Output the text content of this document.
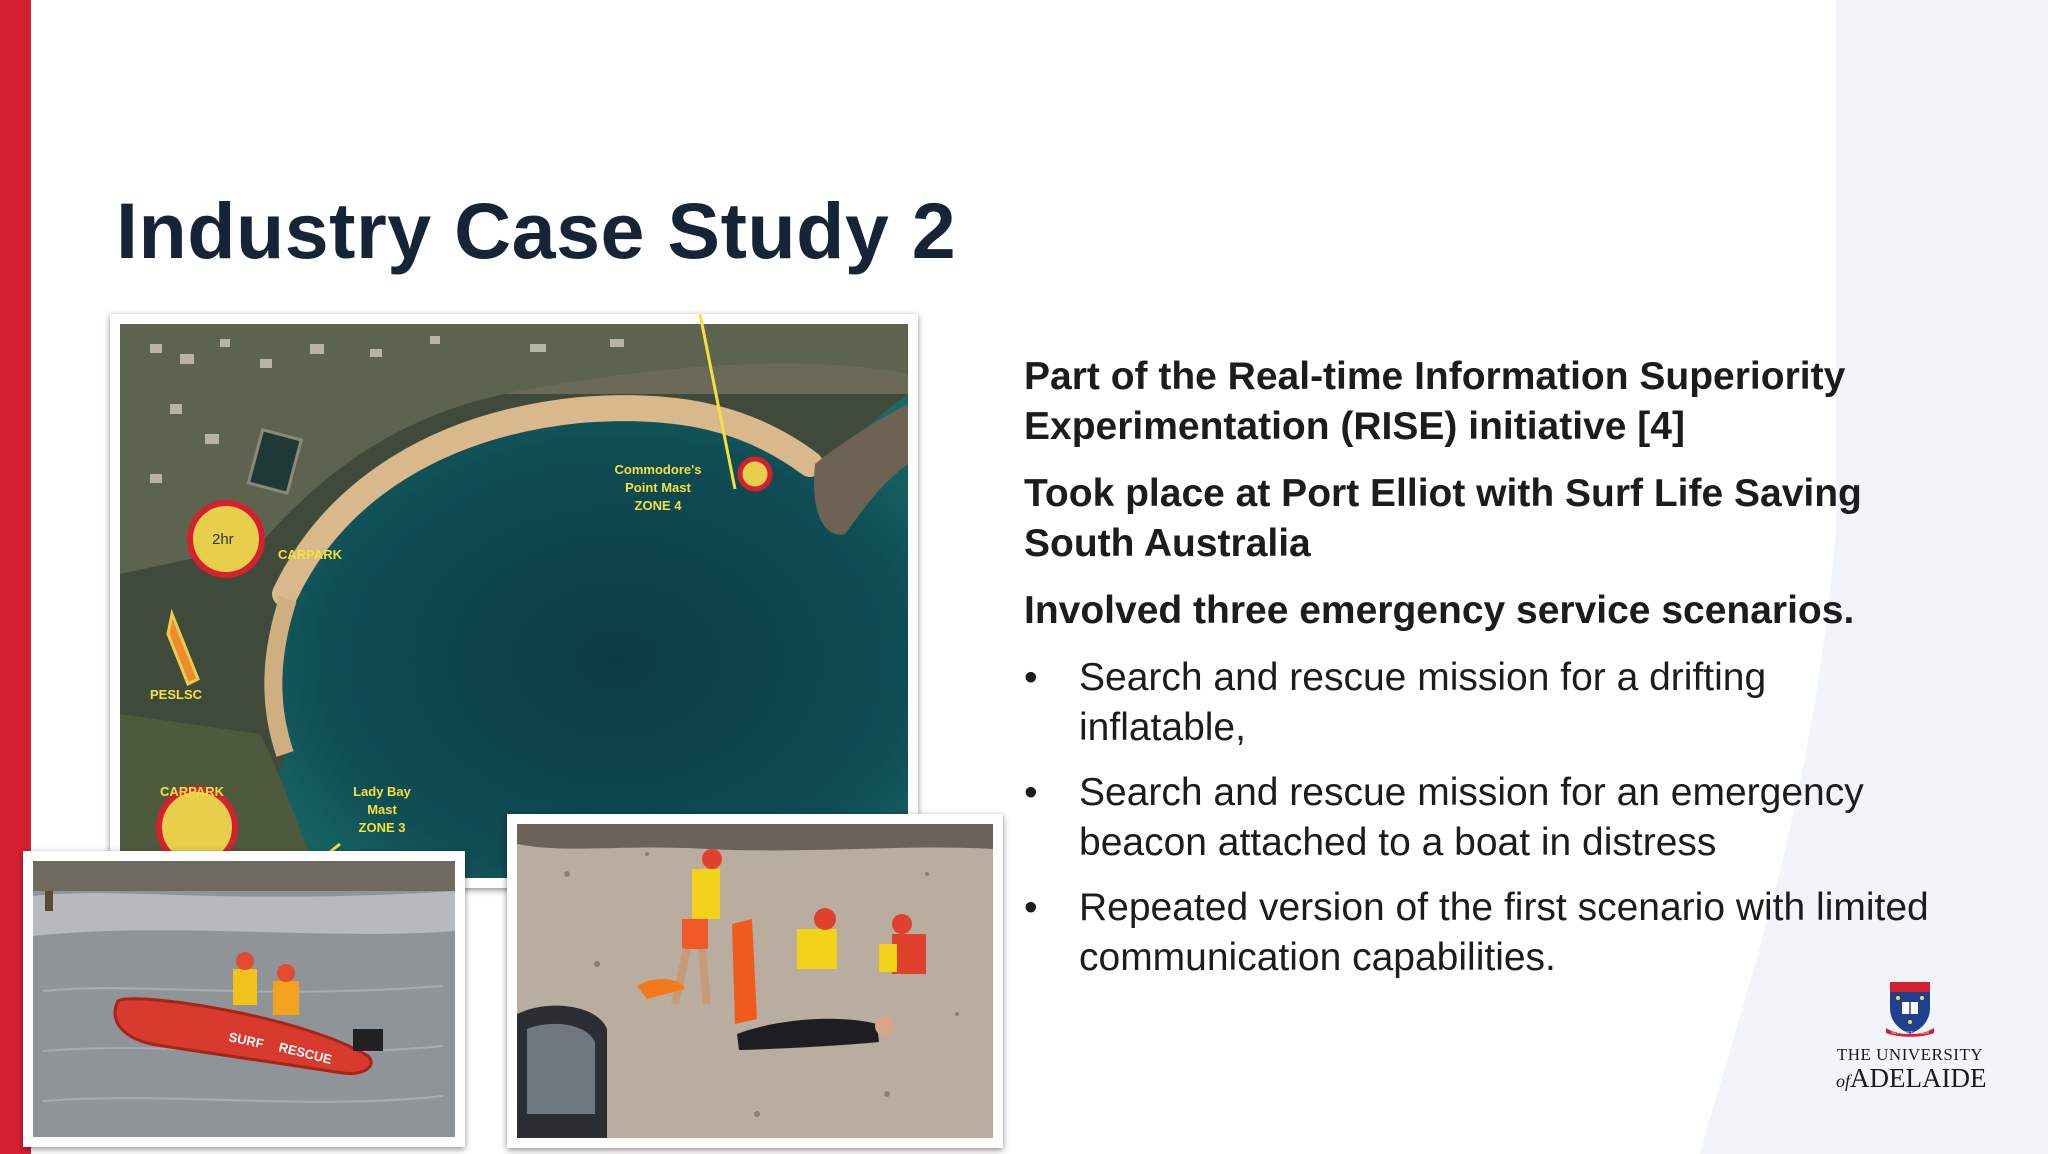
Industry Case Study 2
Commodore's
Point Mast
ZONE 4
CARPARK
2hr
PESLSC
CARPARK	Lady Bay
Mast
ZONE 3
SURF RESCUE

Part of the Real-time Information Superiority Experimentation (RISE) initiative [4]

Took place at Port Elliot with Surf Life Saving South Australia

Involved three emergency service scenarios.

•	Search and rescue mission for a drifting inflatable,
•	Search and rescue mission for an emergency beacon attached to a boat in distress
•	Repeated version of the first scenario with limited communication capabilities.
SUB CRUCE LUMEN
THE UNIVERSITY
ofADELAIDE
